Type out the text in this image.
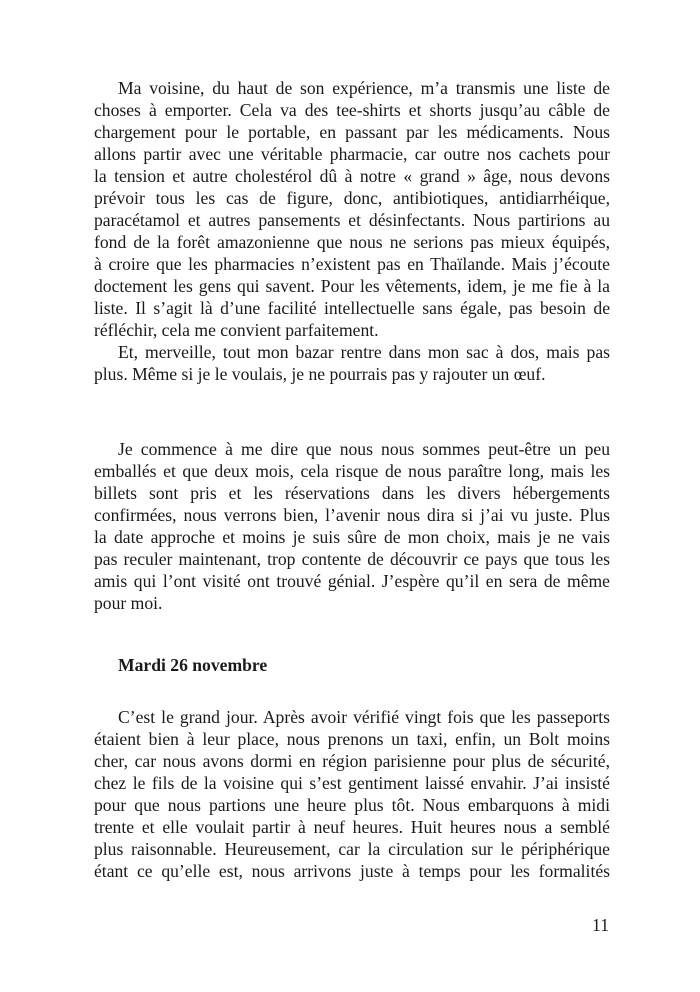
Ma voisine, du haut de son expérience, m’a transmis une liste de
choses à emporter. Cela va des tee-shirts et shorts jusqu’au câble de
chargement pour le portable, en passant par les médicaments. Nous
allons partir avec une véritable pharmacie, car outre nos cachets pour
la tension et autre cholestérol dû à notre « grand » âge, nous devons
prévoir tous les cas de figure, donc, antibiotiques, antidiarrhéique,
paracétamol et autres pansements et désinfectants. Nous partirions au
fond de la forêt amazonienne que nous ne serions pas mieux équipés,
à croire que les pharmacies n’existent pas en Thaïlande. Mais j’écoute
doctement les gens qui savent. Pour les vêtements, idem, je me fie à la
liste. Il s’agit là d’une facilité intellectuelle sans égale, pas besoin de
réfléchir, cela me convient parfaitement.
Et, merveille, tout mon bazar rentre dans mon sac à dos, mais pas
plus. Même si je le voulais, je ne pourrais pas y rajouter un œuf.
Je commence à me dire que nous nous sommes peut-être un peu
emballés et que deux mois, cela risque de nous paraître long, mais les
billets sont pris et les réservations dans les divers hébergements
confirmées, nous verrons bien, l’avenir nous dira si j’ai vu juste. Plus
la date approche et moins je suis sûre de mon choix, mais je ne vais
pas reculer maintenant, trop contente de découvrir ce pays que tous les
amis qui l’ont visité ont trouvé génial. J’espère qu’il en sera de même
pour moi.
Mardi 26 novembre
C’est le grand jour. Après avoir vérifié vingt fois que les passeports
étaient bien à leur place, nous prenons un taxi, enfin, un Bolt moins
cher, car nous avons dormi en région parisienne pour plus de sécurité,
chez le fils de la voisine qui s’est gentiment laissé envahir. J’ai insisté
pour que nous partions une heure plus tôt. Nous embarquons à midi
trente et elle voulait partir à neuf heures. Huit heures nous a semblé
plus raisonnable. Heureusement, car la circulation sur le périphérique
étant ce qu’elle est, nous arrivons juste à temps pour les formalités
11
